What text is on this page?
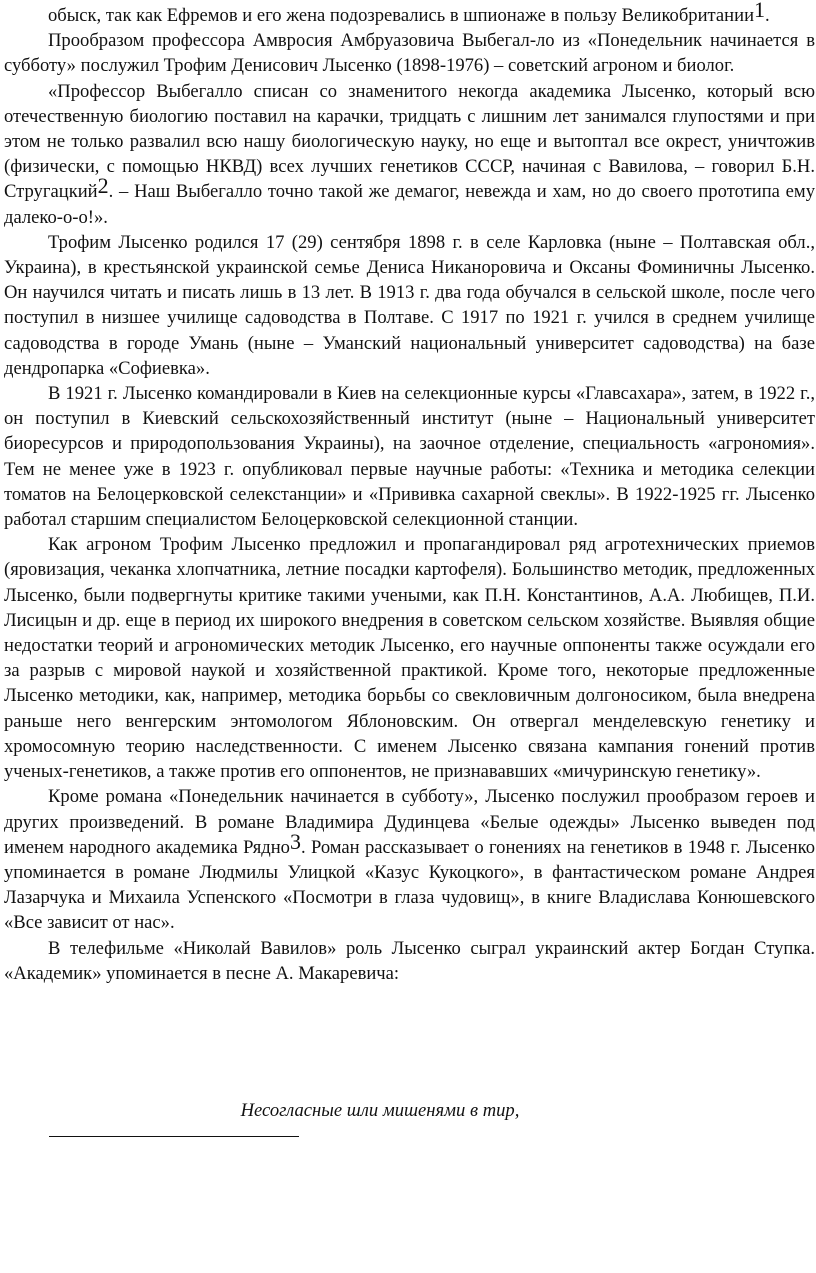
обыск, так как Ефремов и его жена подозревались в шпионаже в пользу Великобритании$^1$.

Прообразом профессора Амвросия Амбруазовича Выбегал-ло из «Понедельник начинается в субботу» послужил Трофим Денисович Лысенко (1898-1976) – советский агроном и биолог.

«Профессор Выбегалло списан со знаменитого некогда академика Лысенко, который всю отечественную биологию поставил на карачки, тридцать с лишним лет занимался глупостями и при этом не только развалил всю нашу биологическую науку, но еще и вытоптал все окрест, уничтожив (физически, с помощью НКВД) всех лучших генетиков СССР, начиная с Вавилова, – говорил Б.Н. Стругацкий$^2$. – Наш Выбегалло точно такой же демагог, невежда и хам, но до своего прототипа ему далеко-о-о!».

Трофим Лысенко родился 17 (29) сентября 1898 г. в селе Карловка (ныне – Полтавская обл., Украина), в крестьянской украинской семье Дениса Никаноровича и Оксаны Фоминичны Лысенко. Он научился читать и писать лишь в 13 лет. В 1913 г. два года обучался в сельской школе, после чего поступил в низшее училище садоводства в Полтаве. С 1917 по 1921 г. учился в среднем училище садоводства в городе Умань (ныне – Уманский национальный университет садоводства) на базе дендропарка «Софиевка».

В 1921 г. Лысенко командировали в Киев на селекционные курсы «Главсахара», затем, в 1922 г., он поступил в Киевский сельскохозяйственный институт (ныне – Национальный университет биоресурсов и природопользования Украины), на заочное отделение, специальность «агрономия». Тем не менее уже в 1923 г. опубликовал первые научные работы: «Техника и методика селекции томатов на Белоцерковской селекстанции» и «Прививка сахарной свеклы». В 1922-1925 гг. Лысенко работал старшим специалистом Белоцерковской селекционной станции.

Как агроном Трофим Лысенко предложил и пропагандировал ряд агротехнических приемов (яровизация, чеканка хлопчатника, летние посадки картофеля). Большинство методик, предложенных Лысенко, были подвергнуты критике такими учеными, как П.Н. Константинов, А.А. Любищев, П.И. Лисицын и др. еще в период их широкого внедрения в советском сельском хозяйстве. Выявляя общие недостатки теорий и агрономических методик Лысенко, его научные оппоненты также осуждали его за разрыв с мировой наукой и хозяйственной практикой. Кроме того, некоторые предложенные Лысенко методики, как, например, методика борьбы со свекловичным долгоносиком, была внедрена раньше него венгерским энтомологом Яблоновским. Он отвергал менделевскую генетику и хромосомную теорию наследственности. С именем Лысенко связана кампания гонений против ученых-генетиков, а также против его оппонентов, не признававших «мичуринскую генетику».

Кроме романа «Понедельник начинается в субботу», Лысенко послужил прообразом героев и других произведений. В романе Владимира Дудинцева «Белые одежды» Лысенко выведен под именем народного академика Рядно$^3$. Роман рассказывает о гонениях на генетиков в 1948 г. Лысенко упоминается в романе Людмилы Улицкой «Казус Кукоцкого», в фантастическом романе Андрея Лазарчука и Михаила Успенского «Посмотри в глаза чудовищ», в книге Владислава Конюшевского «Все зависит от нас».

В телефильме «Николай Вавилов» роль Лысенко сыграл украинский актер Богдан Ступка. «Академик» упоминается в песне А. Макаревича:

Несогласные шли мишенями в тир,
